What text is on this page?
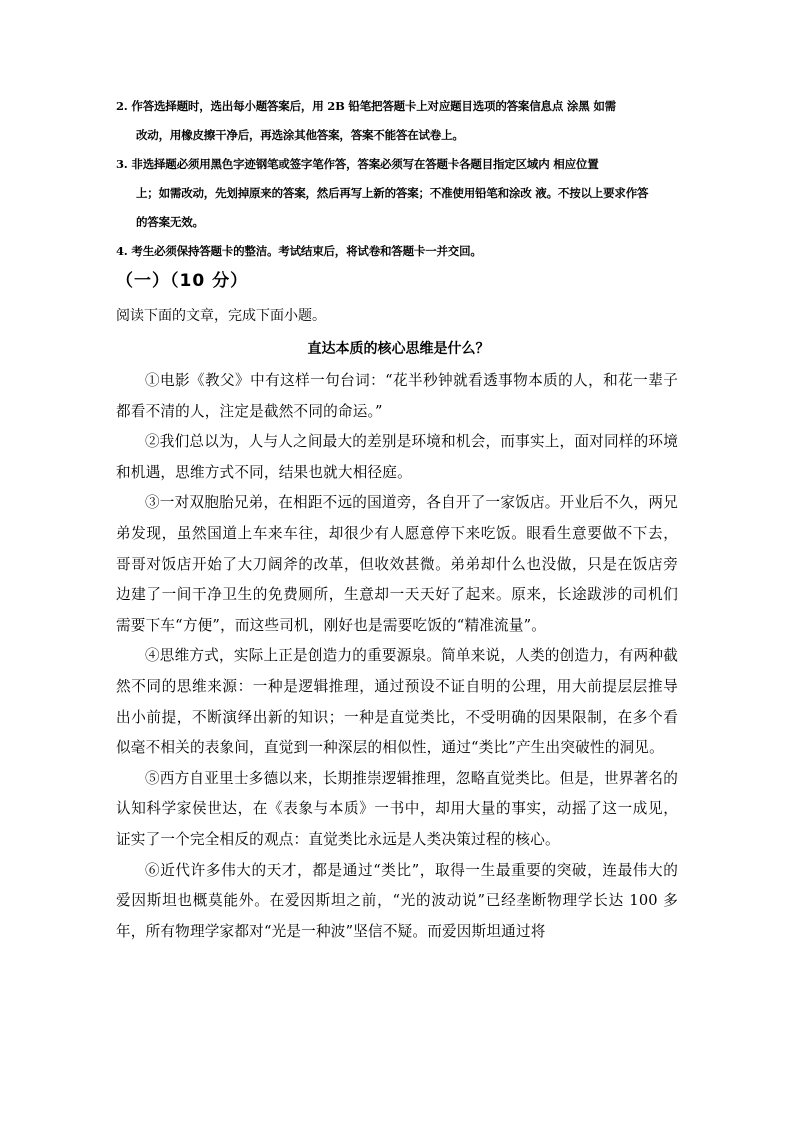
2. 作答选择题时，选出每小题答案后，用 2B 铅笔把答题卡上对应题目选项的答案信息点 涂黑 如需
改动，用橡皮擦干净后，再选涂其他答案，答案不能答在试卷上。
3. 非选择题必须用黑色字迹钢笔或签字笔作答，答案必须写在答题卡各题目指定区域内 相应位置
上；如需改动，先划掉原来的答案，然后再写上新的答案；不准使用铅笔和涂改 液。不按以上要求作答
的答案无效。
4. 考生必须保持答题卡的整洁。考试结束后，将试卷和答题卡一并交回。
（一）（10 分）
阅读下面的文章，完成下面小题。
直达本质的核心思维是什么？

①电影《教父》中有这样一句台词：“花半秒钟就看透事物本质的人，和花一辈子都看不清的人，注定是截然不同的命运。”

②我们总以为，人与人之间最大的差别是环境和机会，而事实上，面对同样的环境和机遇，思维方式不同，结果也就大相径庭。

③一对双胞胎兄弟，在相距不远的国道旁，各自开了一家饭店。开业后不久，两兄弟发现，虽然国道上车来车往，却很少有人愿意停下来吃饭。眼看生意要做不下去，哥哥对饭店开始了大刀阔斧的改革，但收效甚微。弟弟却什么也没做，只是在饭店旁边建了一间干净卫生的免费厕所，生意却一天天好了起来。原来，长途跋涉的司机们需要下车“方便”，而这些司机，刚好也是需要吃饭的“精准流量”。

④思维方式，实际上正是创造力的重要源泉。简单来说，人类的创造力，有两种截然不同的思维来源：一种是逻辑推理，通过预设不证自明的公理，用大前提层层推导出小前提，不断演绎出新的知识；一种是直觉类比，不受明确的因果限制，在多个看似毫不相关的表象间，直觉到一种深层的相似性，通过“类比”产生出突破性的洞见。

⑤西方自亚里士多德以来，长期推崇逻辑推理，忽略直觉类比。但是，世界著名的认知科学家侯世达，在《表象与本质》一书中，却用大量的事实，动摇了这一成见，证实了一个完全相反的观点：直觉类比永远是人类决策过程的核心。

⑥近代许多伟大的天才，都是通过“类比”，取得一生最重要的突破，连最伟大的爱因斯坦也概莫能外。在爱因斯坦之前，“光的波动说”已经垄断物理学长达 100 多年，所有物理学家都对“光是一种波”坚信不疑。而爱因斯坦通过将
